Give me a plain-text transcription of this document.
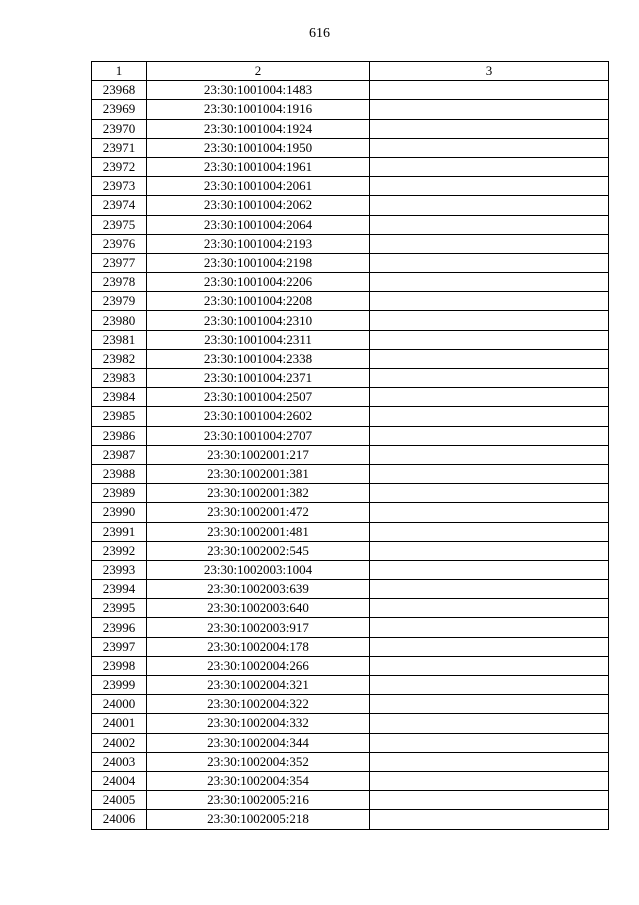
616
1	2	3
23968	23:30:1001004:1483	
23969	23:30:1001004:1916	
23970	23:30:1001004:1924	
23971	23:30:1001004:1950	
23972	23:30:1001004:1961	
23973	23:30:1001004:2061	
23974	23:30:1001004:2062	
23975	23:30:1001004:2064	
23976	23:30:1001004:2193	
23977	23:30:1001004:2198	
23978	23:30:1001004:2206	
23979	23:30:1001004:2208	
23980	23:30:1001004:2310	
23981	23:30:1001004:2311	
23982	23:30:1001004:2338	
23983	23:30:1001004:2371	
23984	23:30:1001004:2507	
23985	23:30:1001004:2602	
23986	23:30:1001004:2707	
23987	23:30:1002001:217	
23988	23:30:1002001:381	
23989	23:30:1002001:382	
23990	23:30:1002001:472	
23991	23:30:1002001:481	
23992	23:30:1002002:545	
23993	23:30:1002003:1004	
23994	23:30:1002003:639	
23995	23:30:1002003:640	
23996	23:30:1002003:917	
23997	23:30:1002004:178	
23998	23:30:1002004:266	
23999	23:30:1002004:321	
24000	23:30:1002004:322	
24001	23:30:1002004:332	
24002	23:30:1002004:344	
24003	23:30:1002004:352	
24004	23:30:1002004:354	
24005	23:30:1002005:216	
24006	23:30:1002005:218	
